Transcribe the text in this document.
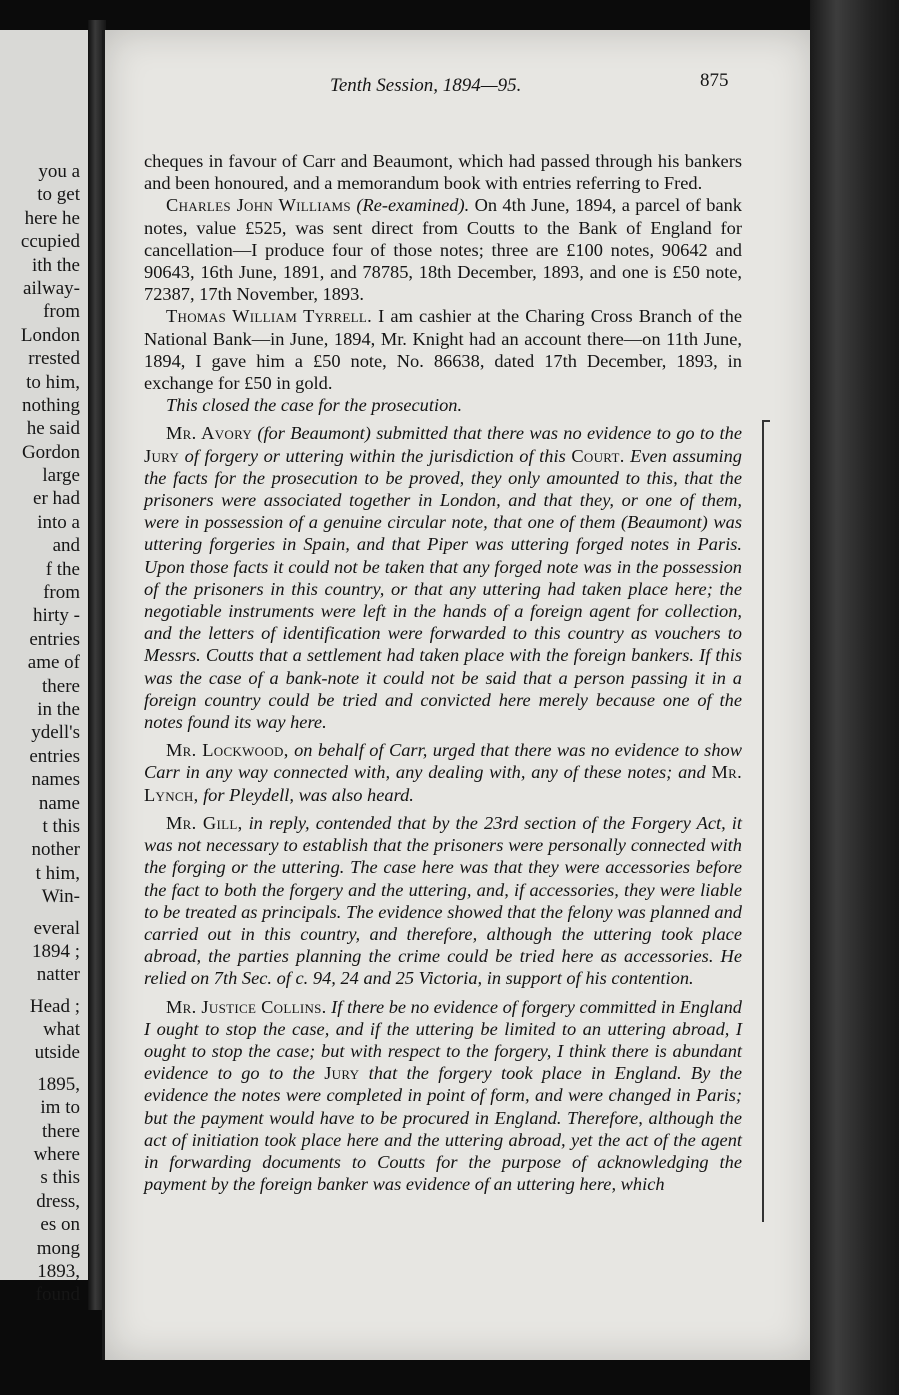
you a
to get
here he
ccupied
ith the
ailway-
from
London
rrested
to him,
nothing
he said
Gordon
large
er had
into a
and
f the
from
hirty -
entries
ame of
there
in the
ydell's
entries
names
name
t this
nother
t him,
Win-
everal
1894 ;
natter
Head ;
what
utside
1895,
im to
there
where
s this
dress,
es on
mong
1893,
found
Tenth Session, 1894—95.	875

cheques in favour of Carr and Beaumont, which had passed through his bankers and been honoured, and a memorandum book with entries referring to Fred.

Charles John Williams (Re-examined). On 4th June, 1894, a parcel of bank notes, value £525, was sent direct from Coutts to the Bank of England for cancellation—I produce four of those notes; three are £100 notes, 90642 and 90643, 16th June, 1891, and 78785, 18th December, 1893, and one is £50 note, 72387, 17th November, 1893.

Thomas William Tyrrell. I am cashier at the Charing Cross Branch of the National Bank—in June, 1894, Mr. Knight had an account there—on 11th June, 1894, I gave him a £50 note, No. 86638, dated 17th December, 1893, in exchange for £50 in gold.

This closed the case for the prosecution.

Mr. Avory (for Beaumont) submitted that there was no evidence to go to the Jury of forgery or uttering within the jurisdiction of this Court. Even assuming the facts for the prosecution to be proved, they only amounted to this, that the prisoners were associated together in London, and that they, or one of them, were in possession of a genuine circular note, that one of them (Beaumont) was uttering forgeries in Spain, and that Piper was uttering forged notes in Paris. Upon those facts it could not be taken that any forged note was in the possession of the prisoners in this country, or that any uttering had taken place here; the negotiable instruments were left in the hands of a foreign agent for collection, and the letters of identification were forwarded to this country as vouchers to Messrs. Coutts that a settlement had taken place with the foreign bankers. If this was the case of a bank-note it could not be said that a person passing it in a foreign country could be tried and convicted here merely because one of the notes found its way here.

Mr. Lockwood, on behalf of Carr, urged that there was no evidence to show Carr in any way connected with, any dealing with, any of these notes; and Mr. Lynch, for Pleydell, was also heard.

Mr. Gill, in reply, contended that by the 23rd section of the Forgery Act, it was not necessary to establish that the prisoners were personally connected with the forging or the uttering. The case here was that they were accessories before the fact to both the forgery and the uttering, and, if accessories, they were liable to be treated as principals. The evidence showed that the felony was planned and carried out in this country, and therefore, although the uttering took place abroad, the parties planning the crime could be tried here as accessories. He relied on 7th Sec. of c. 94, 24 and 25 Victoria, in support of his contention.

Mr. Justice Collins. If there be no evidence of forgery committed in England I ought to stop the case, and if the uttering be limited to an uttering abroad, I ought to stop the case; but with respect to the forgery, I think there is abundant evidence to go to the Jury that the forgery took place in England. By the evidence the notes were completed in point of form, and were changed in Paris; but the payment would have to be procured in England. Therefore, although the act of initiation took place here and the uttering abroad, yet the act of the agent in forwarding documents to Coutts for the purpose of acknowledging the payment by the foreign banker was evidence of an uttering here, which
